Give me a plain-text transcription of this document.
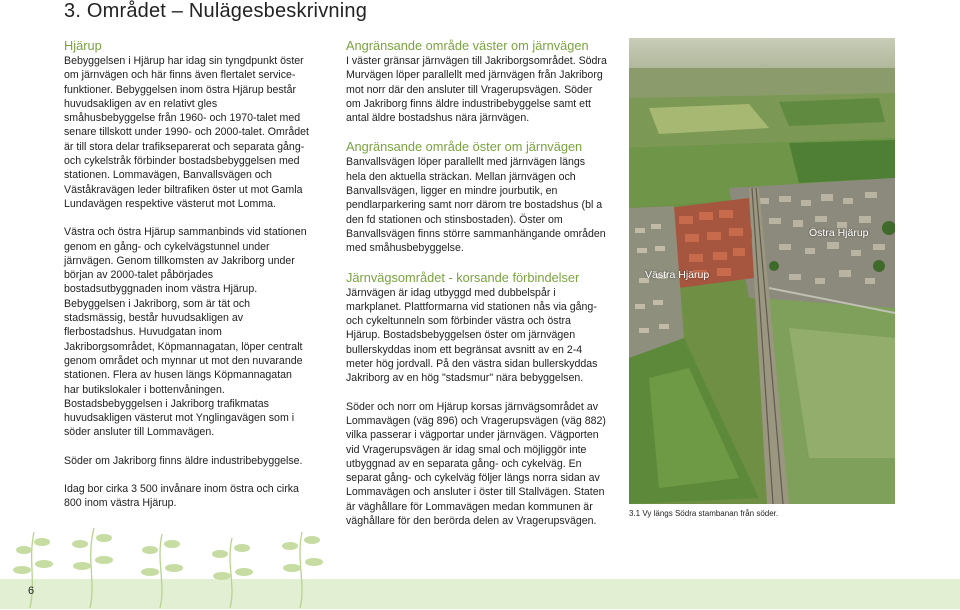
3. Området – Nulägesbeskrivning
Hjärup
Bebyggelsen i Hjärup har idag sin tyngdpunkt öster om järnvägen och här finns även flertalet service-funktioner. Bebyggelsen inom östra Hjärup består huvudsakligen av en relativt gles småhusbebyggelse från 1960- och 1970-talet med senare tillskott under 1990- och 2000-talet. Området är till stora delar trafikseparerat och separata gång- och cykelstråk förbinder bostadsbebyggelsen med stationen. Lommavägen, Banvallsvägen och Väståkravägen leder biltrafiken öster ut mot Gamla Lundavägen respektive västerut mot Lomma.
Västra och östra Hjärup sammanbinds vid stationen genom en gång- och cykelvägstunnel under järnvägen. Genom tillkomsten av Jakriborg under början av 2000-talet påbörjades bostadsutbyggnaden inom västra Hjärup. Bebyggelsen i Jakriborg, som är tät och stadsmässig, består huvudsakligen av flerbostadshus. Huvudgatan inom Jakriborgsområdet, Köpmannagatan, löper centralt genom området och mynnar ut mot den nuvarande stationen. Flera av husen längs Köpmannagatan har butikslokaler i bottenvåningen. Bostadsbebyggelsen i Jakriborg trafikmatas huvudsakligen västerut mot Ynglingavägen som i söder ansluter till Lommavägen.
Söder om Jakriborg finns äldre industribebyggelse.
Idag bor cirka 3 500 invånare inom östra och cirka 800 inom västra Hjärup.
Angränsande område väster om järnvägen
I väster gränsar järnvägen till Jakriborgsområdet. Södra Murvägen löper parallellt med järnvägen från Jakriborg mot norr där den ansluter till Vragerupsvägen. Söder om Jakriborg finns äldre industribebyggelse samt ett antal äldre bostadshus nära järnvägen.
Angränsande område öster om järnvägen
Banvallsvägen löper parallellt med järnvägen längs hela den aktuella sträckan. Mellan järnvägen och Banvallsvägen, ligger en mindre jourbutik, en pendlarparkering samt norr därom tre bostadshus (bl a den fd stationen och stinsbostaden). Öster om Banvallsvägen finns större sammanhängande områden med småhusbebyggelse.
Järnvägsområdet - korsande förbindelser
Järnvägen är idag utbyggd med dubbelspår i markplanet. Plattformarna vid stationen nås via gång- och cykeltunneln som förbinder västra och östra Hjärup. Bostadsbebyggelsen öster om järnvägen bullerskyddas inom ett begränsat avsnitt av en 2-4 meter hög jordvall. På den västra sidan bullerskyddas Jakriborg av en hög "stadsmur" nära bebyggelsen.
Söder och norr om Hjärup korsas järnvägsområdet av Lommavägen (väg 896) och Vragerupsvägen (väg 882) vilka passerar i vägportar under järnvägen. Vägporten vid Vragerupsvägen är idag smal och möjliggör inte utbyggnad av en separata gång- och cykelväg. En separat gång- och cykelväg följer längs norra sidan av Lommavägen och ansluter i öster till Stallvägen. Staten är väghållare för Lommavägen medan kommunen är väghållare för den berörda delen av Vragerupsvägen.
Östra Hjärup
Västra Hjärup
3.1 Vy längs Södra stambanan från söder.
6
